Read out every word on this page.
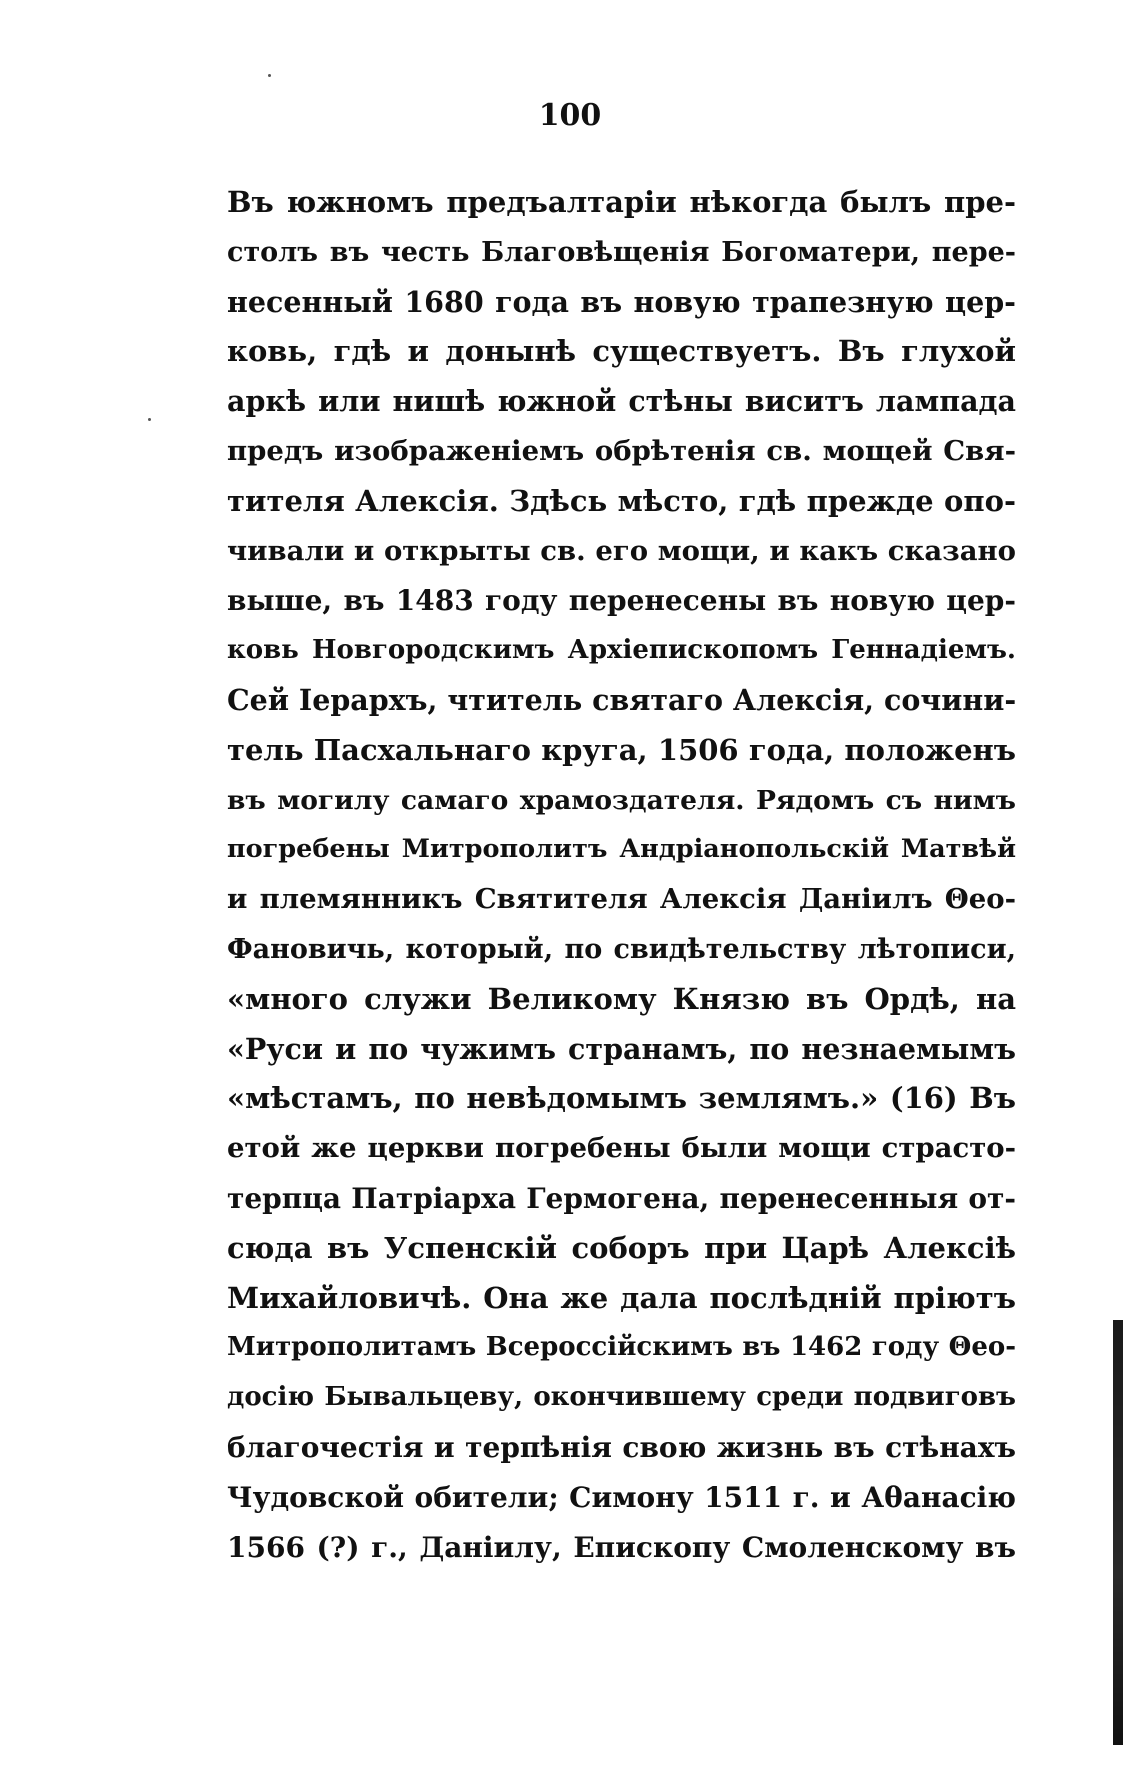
100
Въ южномъ предъалтаріи нѣкогда былъ пре-
столъ въ честь Благовѣщенія Богоматери, пере-
несенный 1680 года въ новую трапезную цер-
ковь, гдѣ и донынѣ существуетъ. Въ глухой
аркѣ или нишѣ южной стѣны виситъ лампада
предъ изображеніемъ обрѣтенія св. мощей Свя-
тителя Алексія. Здѣсь мѣсто, гдѣ прежде опо-
чивали и открыты св. его мощи, и какъ сказано
выше, въ 1483 году перенесены въ новую цер-
ковь Новгородскимъ Архіепископомъ Геннадіемъ.
Сей Іерархъ, чтитель святаго Алексія, сочини-
тель Пасхальнаго круга, 1506 года, положенъ
въ могилу самаго храмоздателя. Рядомъ съ нимъ
погребены Митрополитъ Андріанопольскій Матвѣй
и племянникъ Святителя Алексія Даніилъ Θео-
Фановичь, который, по свидѣтельству лѣтописи,
«много служи Великому Князю въ Ордѣ, на
«Руси и по чужимъ странамъ, по незнаемымъ
«мѣстамъ, по невѣдомымъ землямъ.» (16) Въ
етой же церкви погребены были мощи страсто-
терпца Патріарха Гермогена, перенесенныя от-
сюда въ Успенскій соборъ при Царѣ Алексіѣ
Михайловичѣ. Она же дала послѣдній пріютъ
Митрополитамъ Всероссійскимъ въ 1462 году Θео-
досію Бывальцеву, окончившему среди подвиговъ
благочестія и терпѣнія свою жизнь въ стѣнахъ
Чудовской обители; Симону 1511 г. и Аθанасію
1566 (?) г., Даніилу, Епископу Смоленскому въ
